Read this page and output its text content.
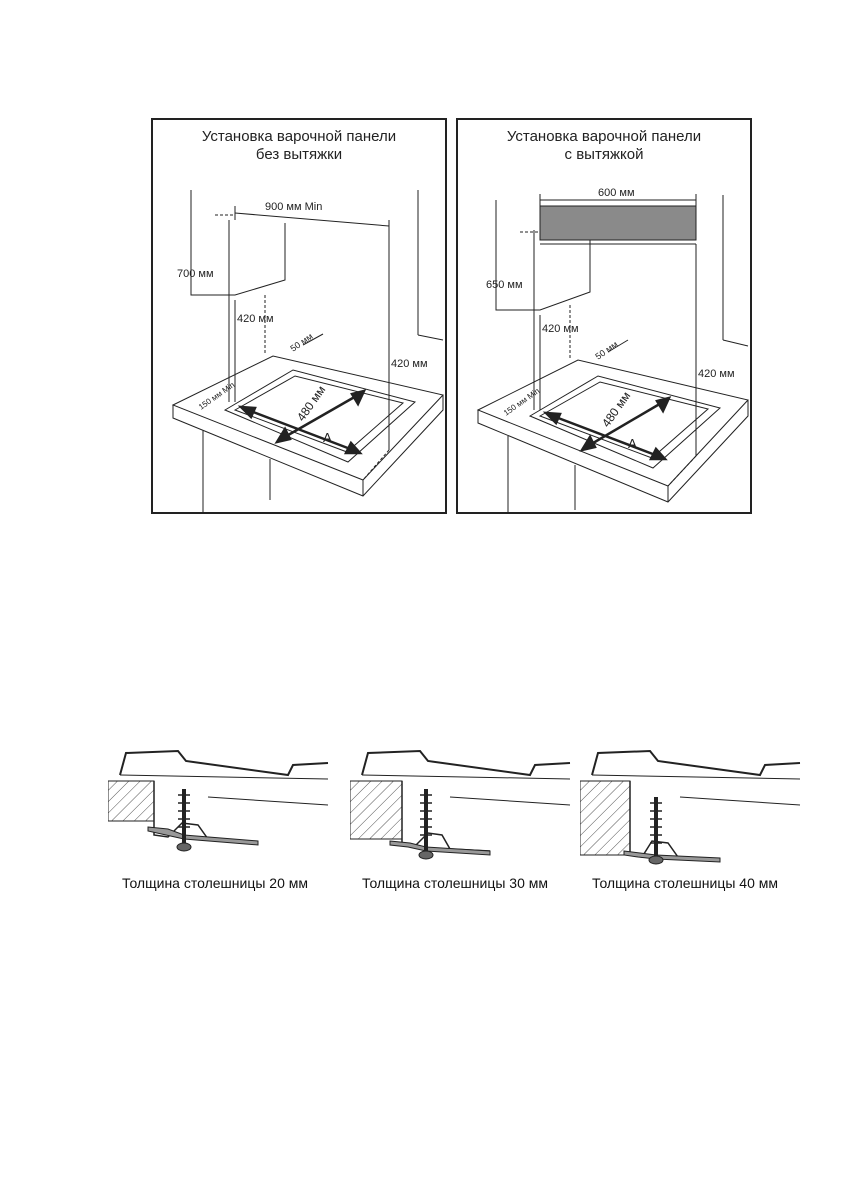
Установка варочной панели
без вытяжки
900 мм Min
700 мм
420 мм
420 мм
50 мм
150 мм Min	480 мм
A
Установка варочной панели
с вытяжкой
600 мм
650 мм
420 мм
420 мм
50 мм
150 мм Min	480 мм
A
Толщина столешницы 20 мм	Толщина столешницы 30 мм	Толщина столешницы 40 мм
